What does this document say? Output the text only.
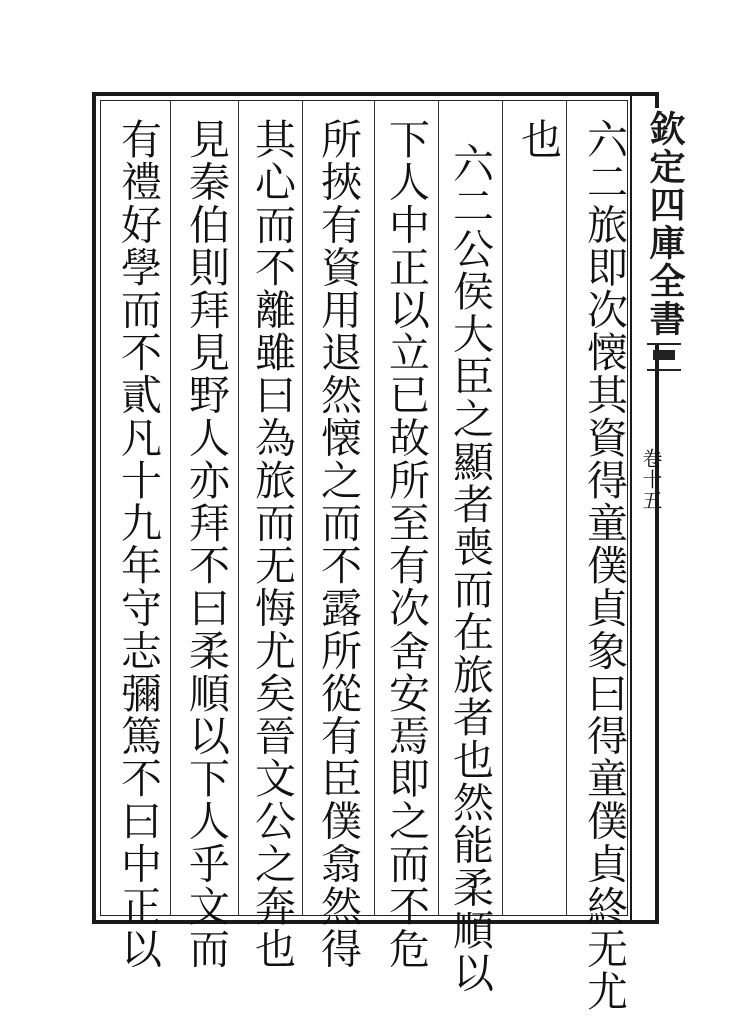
欽定四庫全書
卷十五
六二旅即次懐其資得童僕貞象曰得童僕貞終无尤
也
六二公侯大臣之顯者喪而在旅者也然能柔順以
下人中正以立已故所至有次舍安焉即之而不危
所挾有資用退然懐之而不露所從有臣僕翕然得
其心而不離雖曰為旅而无悔尤矣晉文公之奔也
見秦伯則拜見野人亦拜不曰柔順以下人乎文而
有禮好學而不貳凡十九年守志彌篤不曰中正以
